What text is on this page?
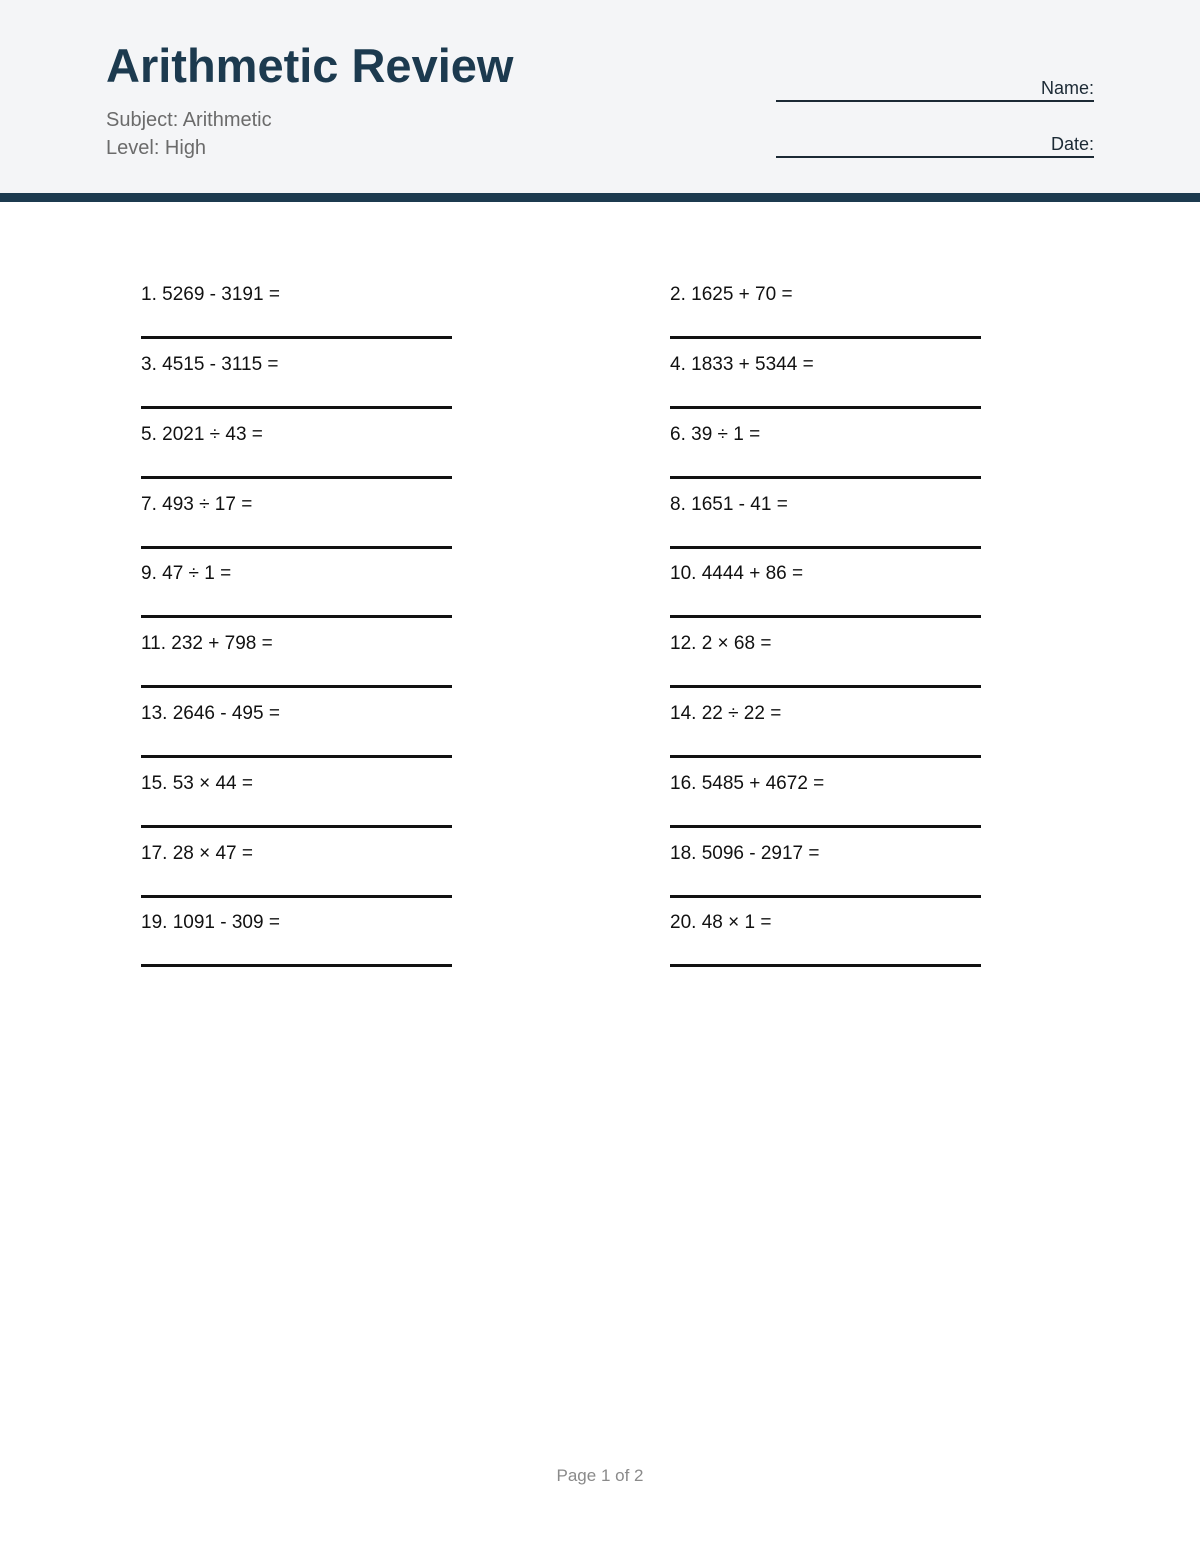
Arithmetic Review
Subject: Arithmetic
Level: High
Name:
Date:
1. 5269 - 3191 =	2. 1625 + 70 =
3. 4515 - 3115 =	4. 1833 + 5344 =
5. 2021 ÷ 43 =	6. 39 ÷ 1 =
7. 493 ÷ 17 =	8. 1651 - 41 =
9. 47 ÷ 1 =	10. 4444 + 86 =
11. 232 + 798 =	12. 2 × 68 =
13. 2646 - 495 =	14. 22 ÷ 22 =
15. 53 × 44 =	16. 5485 + 4672 =
17. 28 × 47 =	18. 5096 - 2917 =
19. 1091 - 309 =	20. 48 × 1 =
Page 1 of 2
